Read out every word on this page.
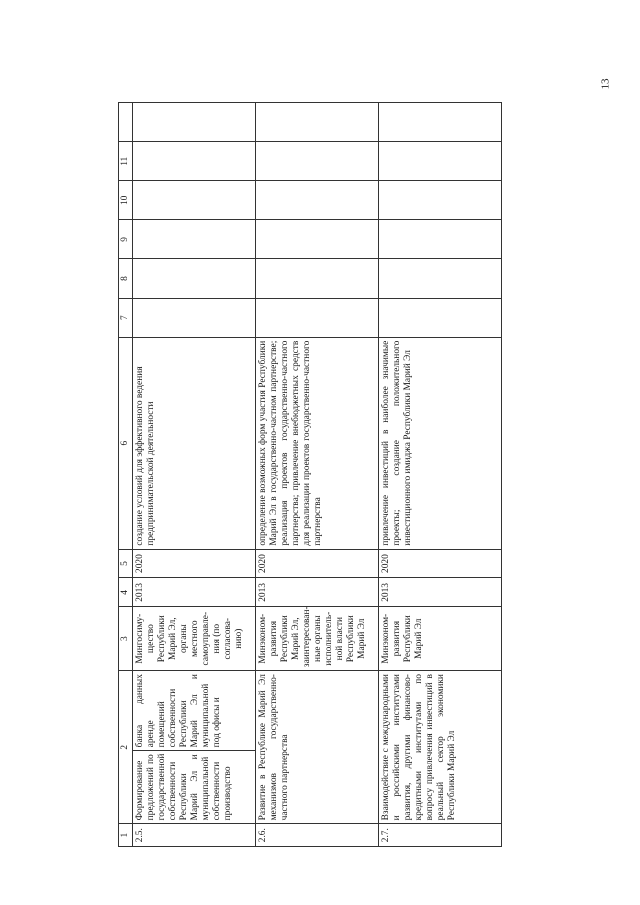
13
1	2		3	4	5	6	7	8	9	10	11	
2.5.	Формирование предложений по государственной собственности Республики Марий Эл и муниципальной собственности производство	банка данных аренде помещений собственности Республики Марий Эл и муниципальной под офисы и	Мингосиму-щество Республики Марий Эл, органы местного самоуправле-ния (по согласова-нию)	2013	2020	создание условий для эффективного ведения предпринимательской деятельности						
2.6.	Развитие в Республике Марий Эл механизмов государственно-частного партнерства		Минэконом-развития Республики Марий Эл, заинтересован-ные органы исполнитель-ной власти Республики Марий Эл	2013	2020	определение возможных форм участия Республики Марий Эл в государственно-частном партнерстве; реализация проектов государственно-частного партнерства; привлечение внебюджетных средств для реализации проектов государственно-частного партнерства						
2.7.	Взаимодействие с международными и российскими институтами развития, другими финансово-кредитными институтами по вопросу привлечения инвестиций в реальный сектор экономики Республики Марий Эл		Минэконом-развития Республики Марий Эл	2013	2020	привлечение инвестиций в наиболее значимые проекты; создание положительного инвестиционного имиджа Республики Марий Эл						
